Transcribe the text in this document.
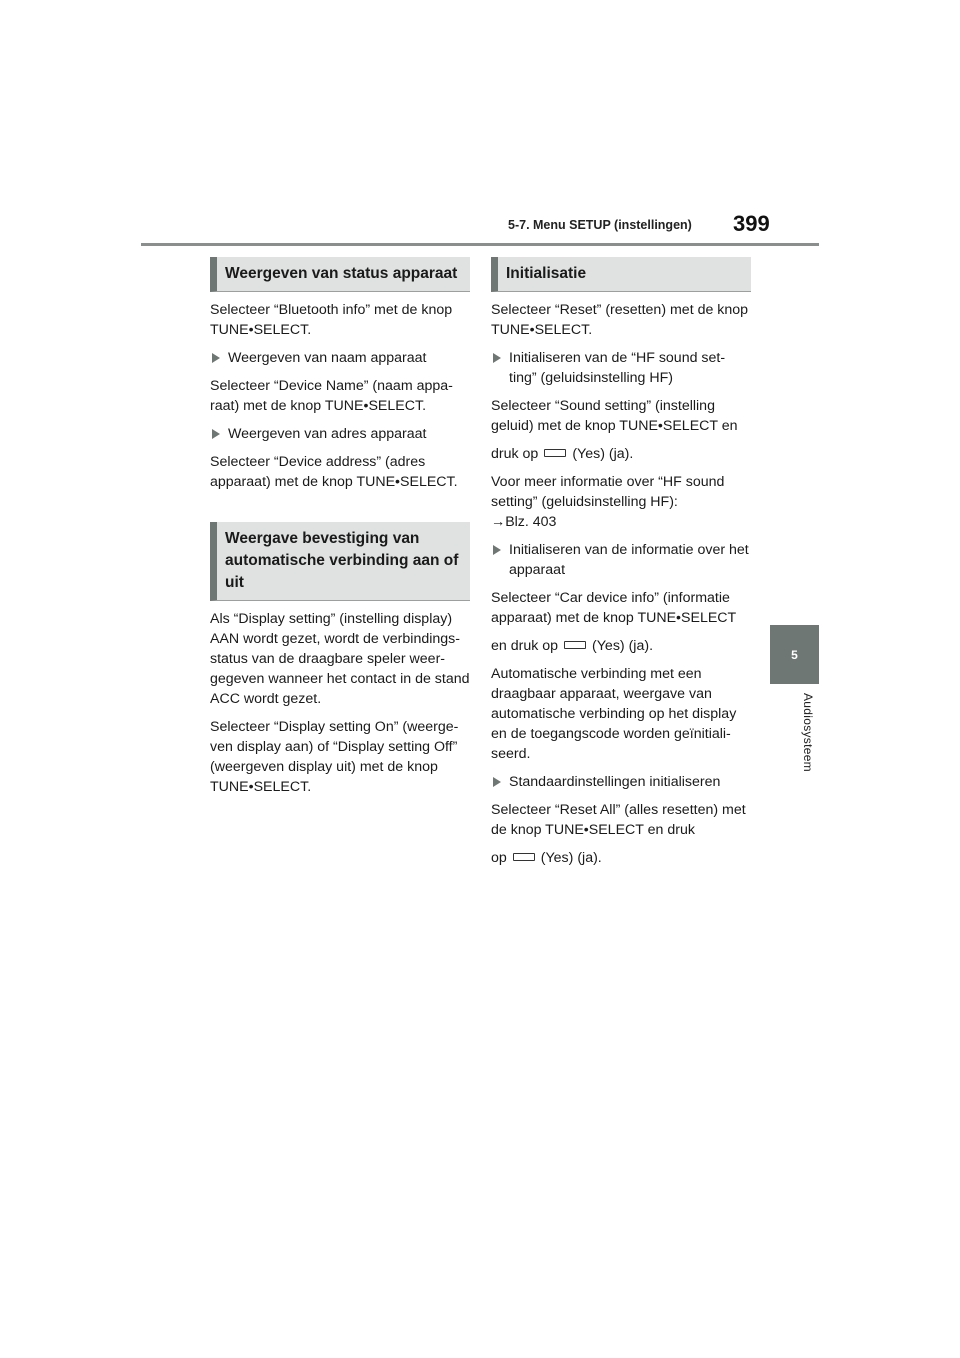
5-7. Menu SETUP (instellingen) 399
5
Audiosysteem
Weergeven van status apparaat

Selecteer “Bluetooth info” met de knop TUNE•SELECT.

Weergeven van naam apparaat

Selecteer “Device Name” (naam appa-raat) met de knop TUNE•SELECT.

Weergeven van adres apparaat

Selecteer “Device address” (adres apparaat) met de knop TUNE•SELECT.

Weergave bevestiging van automatische verbinding aan of uit

Als “Display setting” (instelling display) AAN wordt gezet, wordt de verbindings-status van de draagbare speler weer-gegeven wanneer het contact in de stand ACC wordt gezet.

Selecteer “Display setting On” (weerge-ven display aan) of “Display setting Off” (weergeven display uit) met de knop TUNE•SELECT.

Initialisatie

Selecteer “Reset” (resetten) met de knop TUNE•SELECT.

Initialiseren van de “HF sound set-ting” (geluidsinstelling HF)

Selecteer “Sound setting” (instelling geluid) met de knop TUNE•SELECT en

druk op (Yes) (ja).

Voor meer informatie over “HF sound setting” (geluidsinstelling HF):
→Blz. 403

Initialiseren van de informatie over het apparaat

Selecteer “Car device info” (informatie apparaat) met de knop TUNE•SELECT

en druk op (Yes) (ja).

Automatische verbinding met een draagbaar apparaat, weergave van automatische verbinding op het display en de toegangscode worden geïnitiali-seerd.

Standaardinstellingen initialiseren

Selecteer “Reset All” (alles resetten) met de knop TUNE•SELECT en druk

op (Yes) (ja).
